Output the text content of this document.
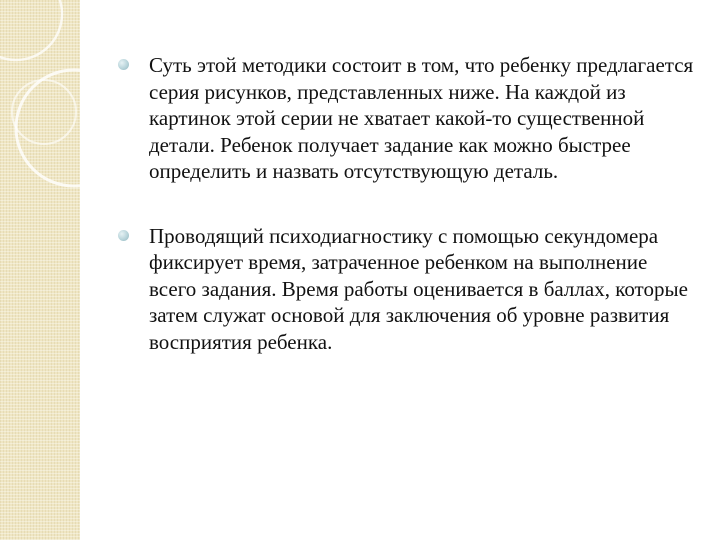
Суть этой методики состоит в том, что ребенку предлагается серия рисунков, представленных ниже. На каждой из картинок этой серии не хватает какой-то существенной детали. Ребенок получает задание как можно быстрее определить и назвать отсутствующую деталь.

Проводящий психодиагностику с помощью секундомера фиксирует время, затраченное ребенком на выполнение всего задания. Время работы оценивается в баллах, которые затем служат основой для заключения об уровне развития восприятия ребенка.
